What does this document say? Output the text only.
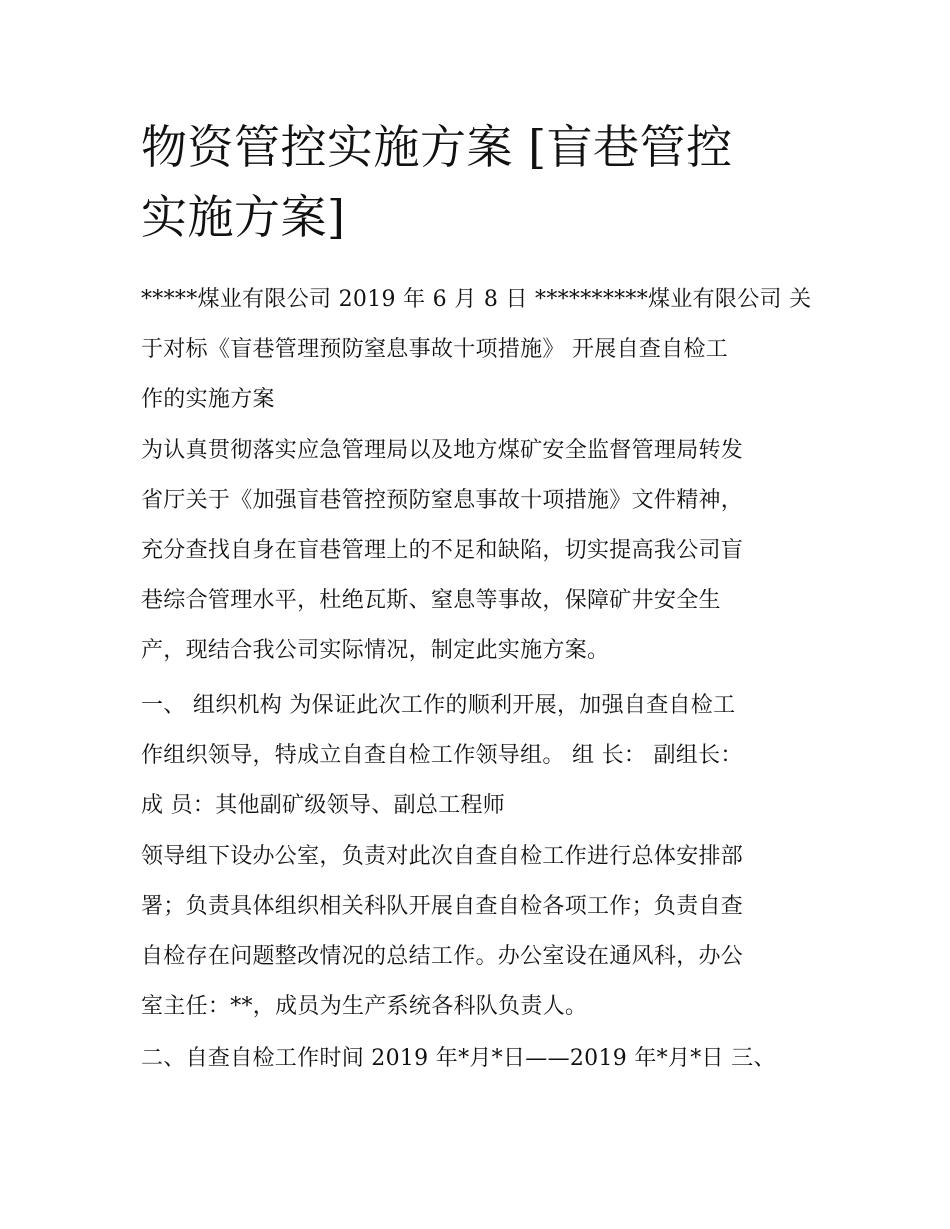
物资管控实施方案 [盲巷管控
实施方案]
*****煤业有限公司 2019 年 6 月 8 日 **********煤业有限公司 关
于对标《盲巷管理预防窒息事故十项措施》 开展自查自检工
作的实施方案
为认真贯彻落实应急管理局以及地方煤矿安全监督管理局转发
省厅关于《加强盲巷管控预防窒息事故十项措施》文件精神，
充分查找自身在盲巷管理上的不足和缺陷，切实提高我公司盲
巷综合管理水平，杜绝瓦斯、窒息等事故，保障矿井安全生
产，现结合我公司实际情况，制定此实施方案。
一、 组织机构 为保证此次工作的顺利开展，加强自查自检工
作组织领导，特成立自查自检工作领导组。 组 长： 副组长：
成 员：其他副矿级领导、副总工程师
领导组下设办公室，负责对此次自查自检工作进行总体安排部
署；负责具体组织相关科队开展自查自检各项工作；负责自查
自检存在问题整改情况的总结工作。办公室设在通风科，办公
室主任：**，成员为生产系统各科队负责人。
二、自查自检工作时间 2019 年*月*日——2019 年*月*日 三、
